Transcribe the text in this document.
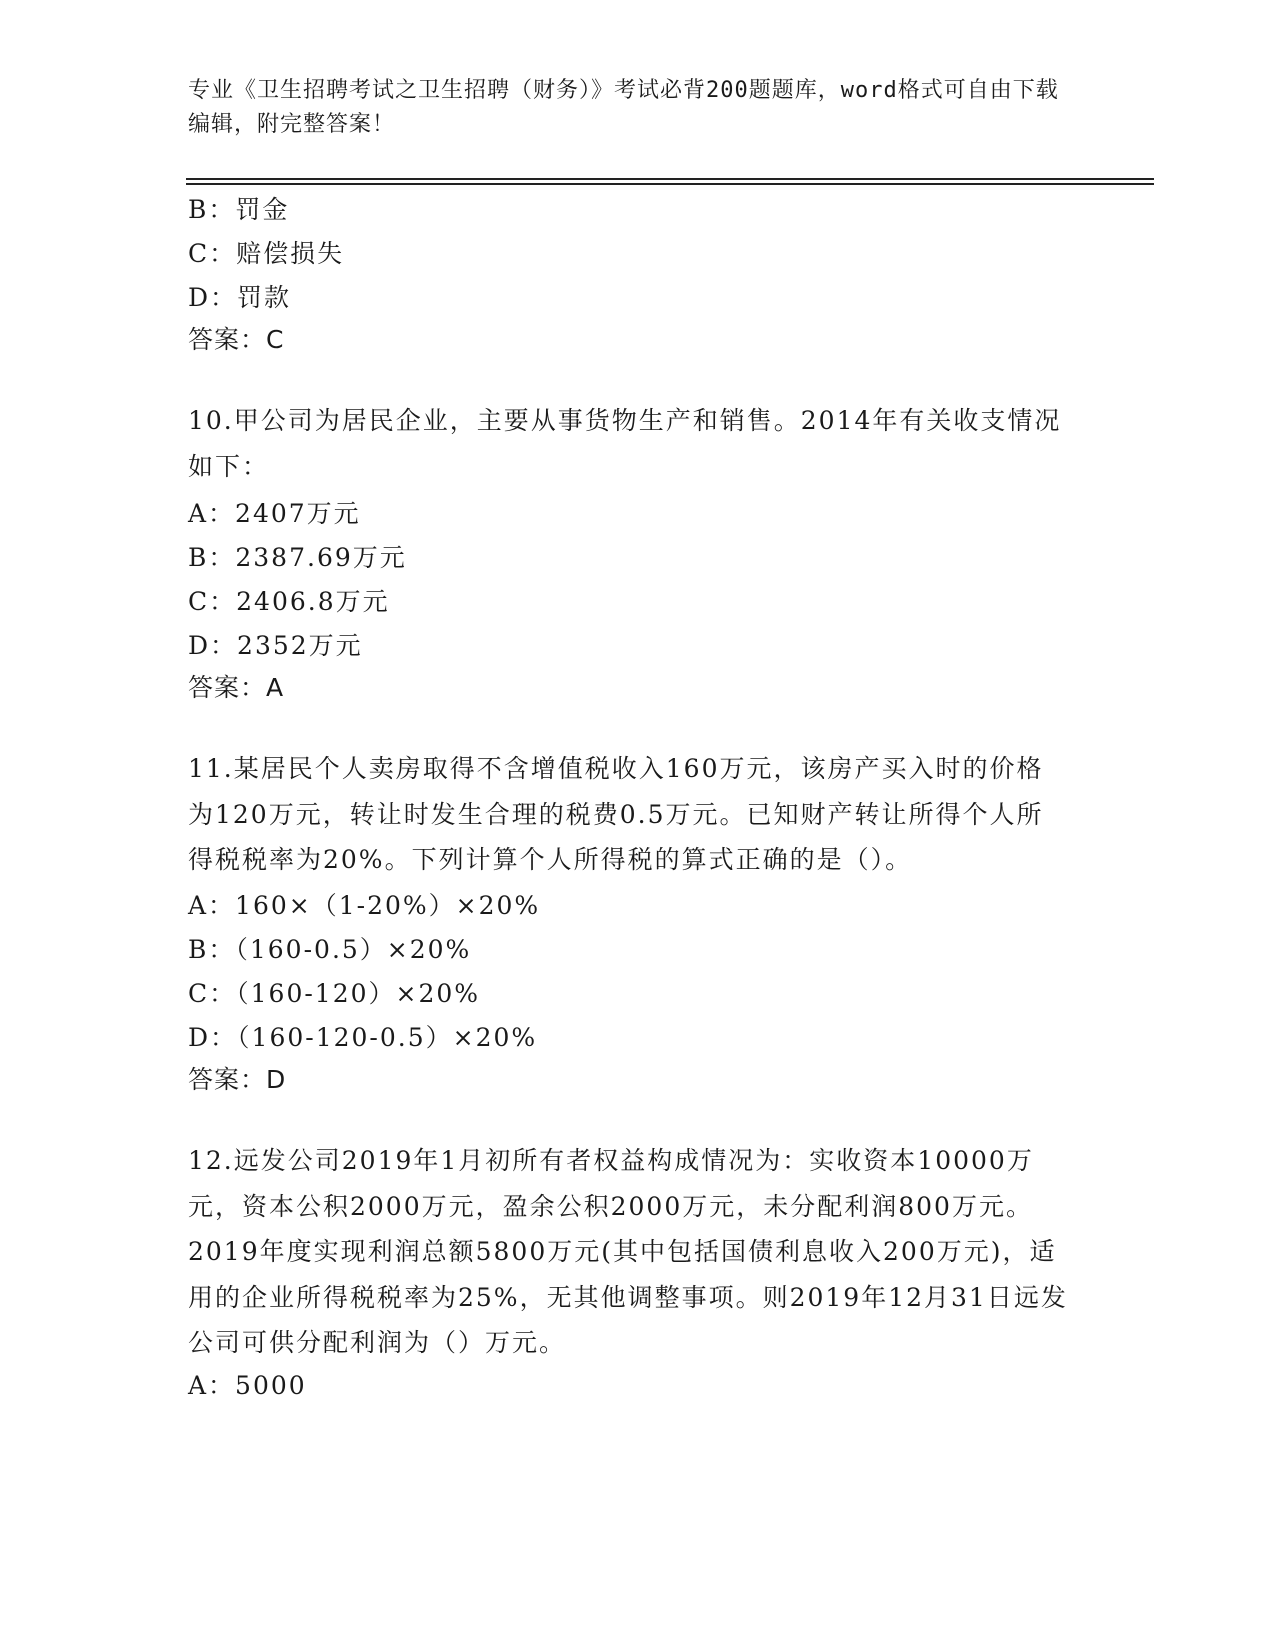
专业《卫生招聘考试之卫生招聘（财务）》考试必背200题题库，word格式可自由下载编辑，附完整答案！
B：罚金
C：赔偿损失
D：罚款
答案：C
10.甲公司为居民企业，主要从事货物生产和销售。2014年有关收支情况如下：
A：2407万元
B：2387.69万元
C：2406.8万元
D：2352万元
答案：A
11.某居民个人卖房取得不含增值税收入160万元，该房产买入时的价格为120万元，转让时发生合理的税费0.5万元。已知财产转让所得个人所得税税率为20%。下列计算个人所得税的算式正确的是（）。
A：160×（1-20%）×20%
B：（160-0.5）×20%
C：（160-120）×20%
D：（160-120-0.5）×20%
答案：D
12.远发公司2019年1月初所有者权益构成情况为：实收资本10000万元，资本公积2000万元，盈余公积2000万元，未分配利润800万元。2019年度实现利润总额5800万元(其中包括国债利息收入200万元)，适用的企业所得税税率为25%，无其他调整事项。则2019年12月31日远发公司可供分配利润为（）万元。
A：5000
